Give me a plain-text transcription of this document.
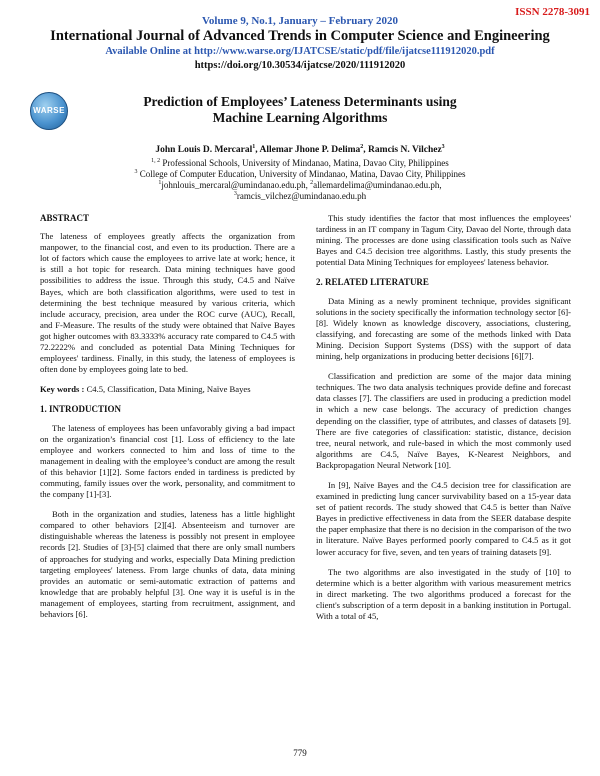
ISSN 2278-3091
Volume 9, No.1, January – February 2020
International Journal of Advanced Trends in Computer Science and Engineering
Available Online at http://www.warse.org/IJATCSE/static/pdf/file/ijatcse111912020.pdf
https://doi.org/10.30534/ijatcse/2020/111912020
WARSE
Prediction of Employees’ Lateness Determinants using
Machine Learning Algorithms
John Louis D. Mercaral$^1$, Allemar Jhone P. Delima$^2$, Ramcis N. Vilchez$^3$
$^{1, 2}$ Professional Schools, University of Mindanao, Matina, Davao City, Philippines
$^3$ College of Computer Education, University of Mindanao, Matina, Davao City, Philippines
$^1$johnlouis_mercaral@umindanao.edu.ph, $^2$allemardelima@umindanao.edu.ph,
$^3$ramcis_vilchez@umindanao.edu.ph
ABSTRACT
The lateness of employees greatly affects the organization from manpower, to the financial cost, and even to its production. There are a lot of factors which cause the employees to arrive late at work; hence, it is still a hot topic for research. Data mining techniques have good possibilities to address the issue. Through this study, C4.5 and Naïve Bayes, which are both classification algorithms, were used to test in determining the best technique measured by various criteria, which include accuracy, precision, area under the ROC curve (AUC), Recall, and F-Measure. The results of the study were obtained that Naïve Bayes got higher outcomes with 83.3333% accuracy rate compared to C4.5 with 72.2222% and concluded as potential Data Mining Techniques for employees' tardiness. Finally, in this study, the lateness of employees is often done by employees going late to bed.
Key words : C4.5, Classification, Data Mining, Naïve Bayes
1. INTRODUCTION
The lateness of employees has been unfavorably giving a bad impact on the organization’s financial cost [1]. Loss of efficiency to the late employee and workers connected to him and loss of time to the management in dealing with the employee’s conduct are among the result of this behavior [1][2]. Some factors ended in tardiness is predicted by commuting, family issues over the work, personality, and commitment to the company [1]-[3].
Both in the organization and studies, lateness has a little highlight compared to other behaviors [2][4]. Absenteeism and turnover are distinguishable whereas the lateness is possibly not present in employee records [2]. Studies of [3]-[5] claimed that there are only small numbers of approaches for studying and works, especially Data Mining prediction targeting employees' lateness. From large chunks of data, data mining provides an automatic or semi-automatic extraction of patterns and knowledge that are probably helpful [3]. One way it is useful is in the management of employees, starting from recruitment, assignment, and behaviors [6].
This study identifies the factor that most influences the employees' tardiness in an IT company in Tagum City, Davao del Norte, through data mining. The processes are done using classification tools such as Naïve Bayes and C4.5 decision tree algorithms. Lastly, this study presents the potential Data Mining Techniques for employees' lateness behavior.
2. RELATED LITERATURE
Data Mining as a newly prominent technique, provides significant solutions in the society specifically the information technology sector [6]-[8]. Widely known as knowledge discovery, associations, clustering, classifying, and forecasting are some of the methods linked with Data Mining. Decision Support Systems (DSS) with the support of data mining, help organizations in producing better decisions [6][7].
Classification and prediction are some of the major data mining techniques. The two data analysis techniques provide define and forecast data classes [7]. The classifiers are used in producing a prediction model in which a new case belongs. The accuracy of prediction changes depending on the classifier, type of attributes, and classes of datasets [9]. There are five categories of classification: statistic, distance, decision tree, neural network, and rule-based in which the most commonly used algorithms are C4.5, Naïve Bayes, K-Nearest Neighbors, and Backpropagation Neural Network [10].
In [9], Naïve Bayes and the C4.5 decision tree for classification are examined in predicting lung cancer survivability based on a 15-year data set of patient records. The study showed that C4.5 is better than Naïve Bayes in predictive effectiveness in data from the SEER database despite the paper emphasize that there is no decision in the comparison of the two in literature. Naïve Bayes performed poorly compared to C4.5 as it got lower accuracy for five, seven, and ten years of training datasets [9].
The two algorithms are also investigated in the study of [10] to determine which is a better algorithm with various measurement metrics in direct marketing. The two algorithms produced a forecast for the client's subscription of a term deposit in a banking institution in Portugal. With a total of 45,
779
